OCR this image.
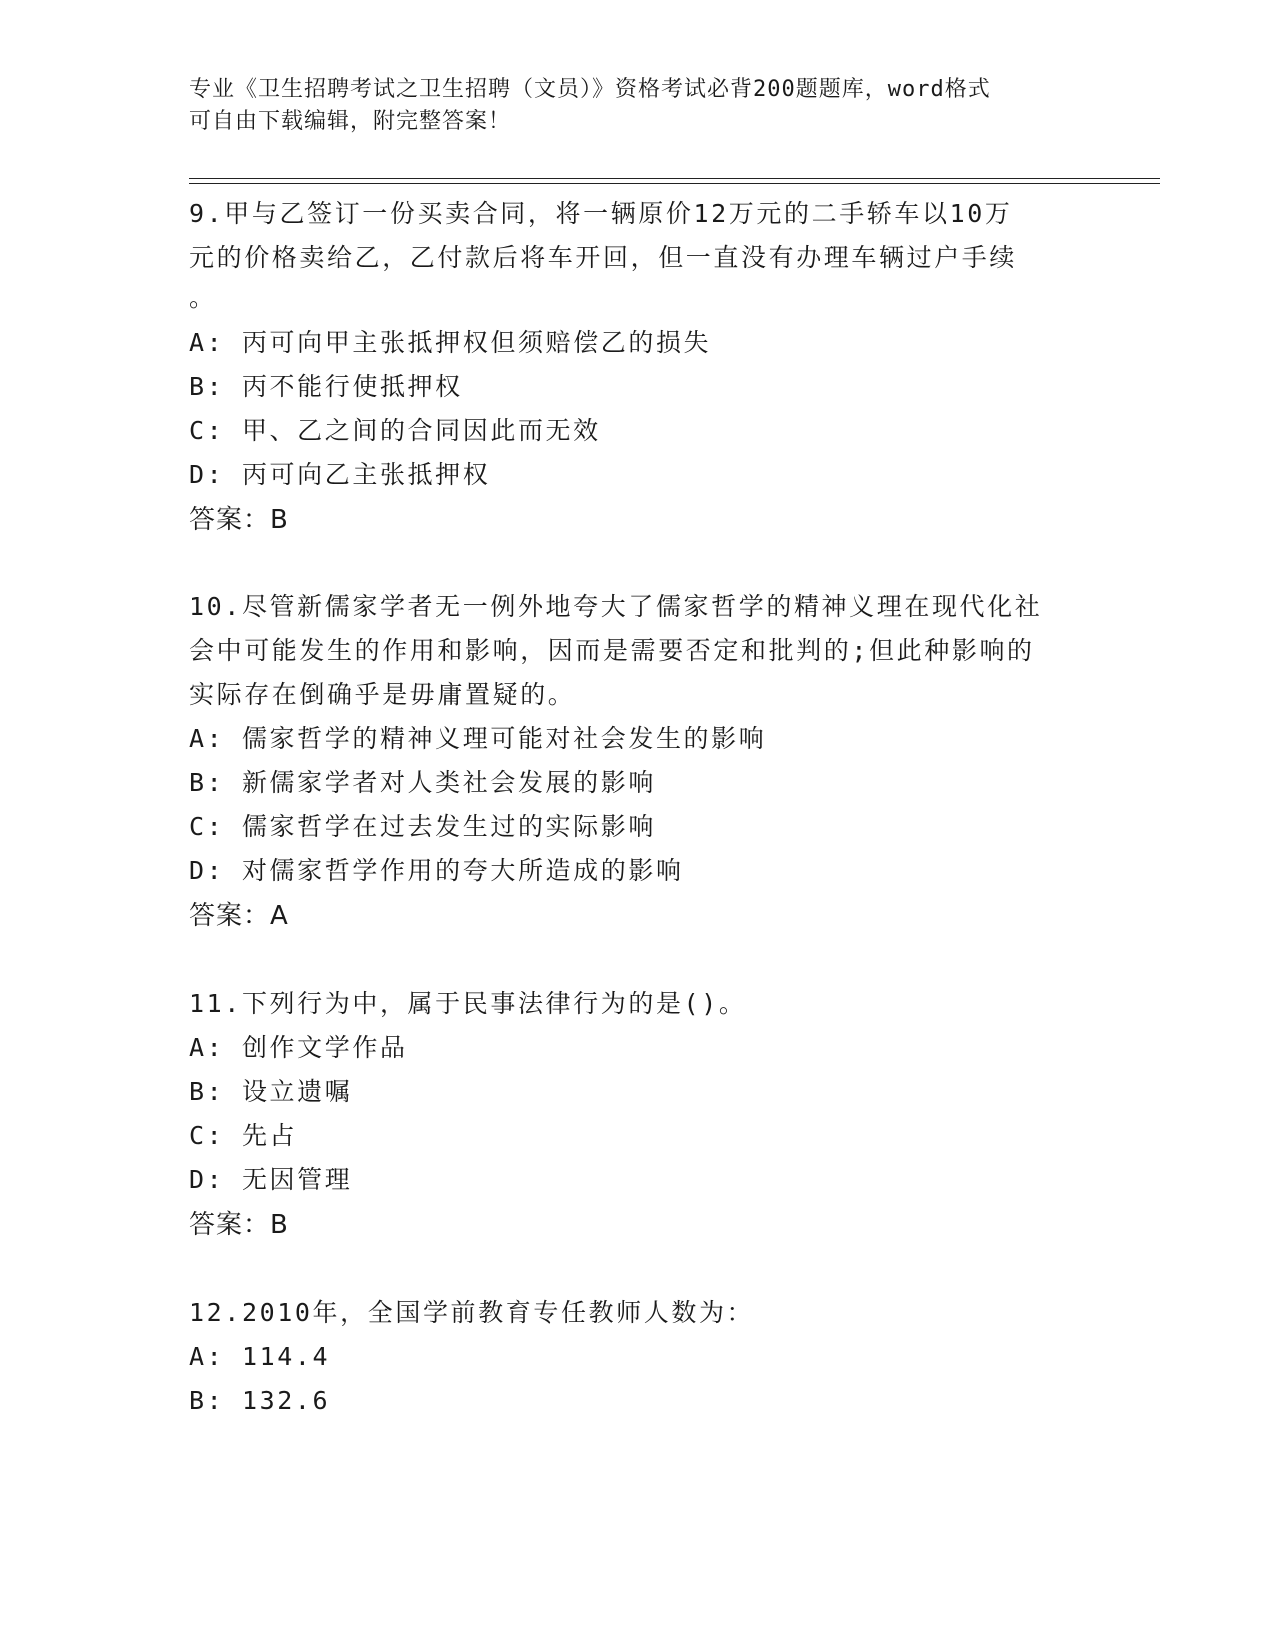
专业《卫生招聘考试之卫生招聘（文员）》资格考试必背200题题库，word格式
可自由下载编辑，附完整答案！
9.甲与乙签订一份买卖合同，将一辆原价12万元的二手轿车以10万
元的价格卖给乙，乙付款后将车开回，但一直没有办理车辆过户手续
。
A: 丙可向甲主张抵押权但须赔偿乙的损失
B: 丙不能行使抵押权
C: 甲、乙之间的合同因此而无效
D: 丙可向乙主张抵押权
答案：B
10.尽管新儒家学者无一例外地夸大了儒家哲学的精神义理在现代化社
会中可能发生的作用和影响，因而是需要否定和批判的;但此种影响的
实际存在倒确乎是毋庸置疑的。
A: 儒家哲学的精神义理可能对社会发生的影响
B: 新儒家学者对人类社会发展的影响
C: 儒家哲学在过去发生过的实际影响
D: 对儒家哲学作用的夸大所造成的影响
答案：A
11.下列行为中，属于民事法律行为的是()。
A: 创作文学作品
B: 设立遗嘱
C: 先占
D: 无因管理
答案：B
12.2010年，全国学前教育专任教师人数为：
A: 114.4
B: 132.6
